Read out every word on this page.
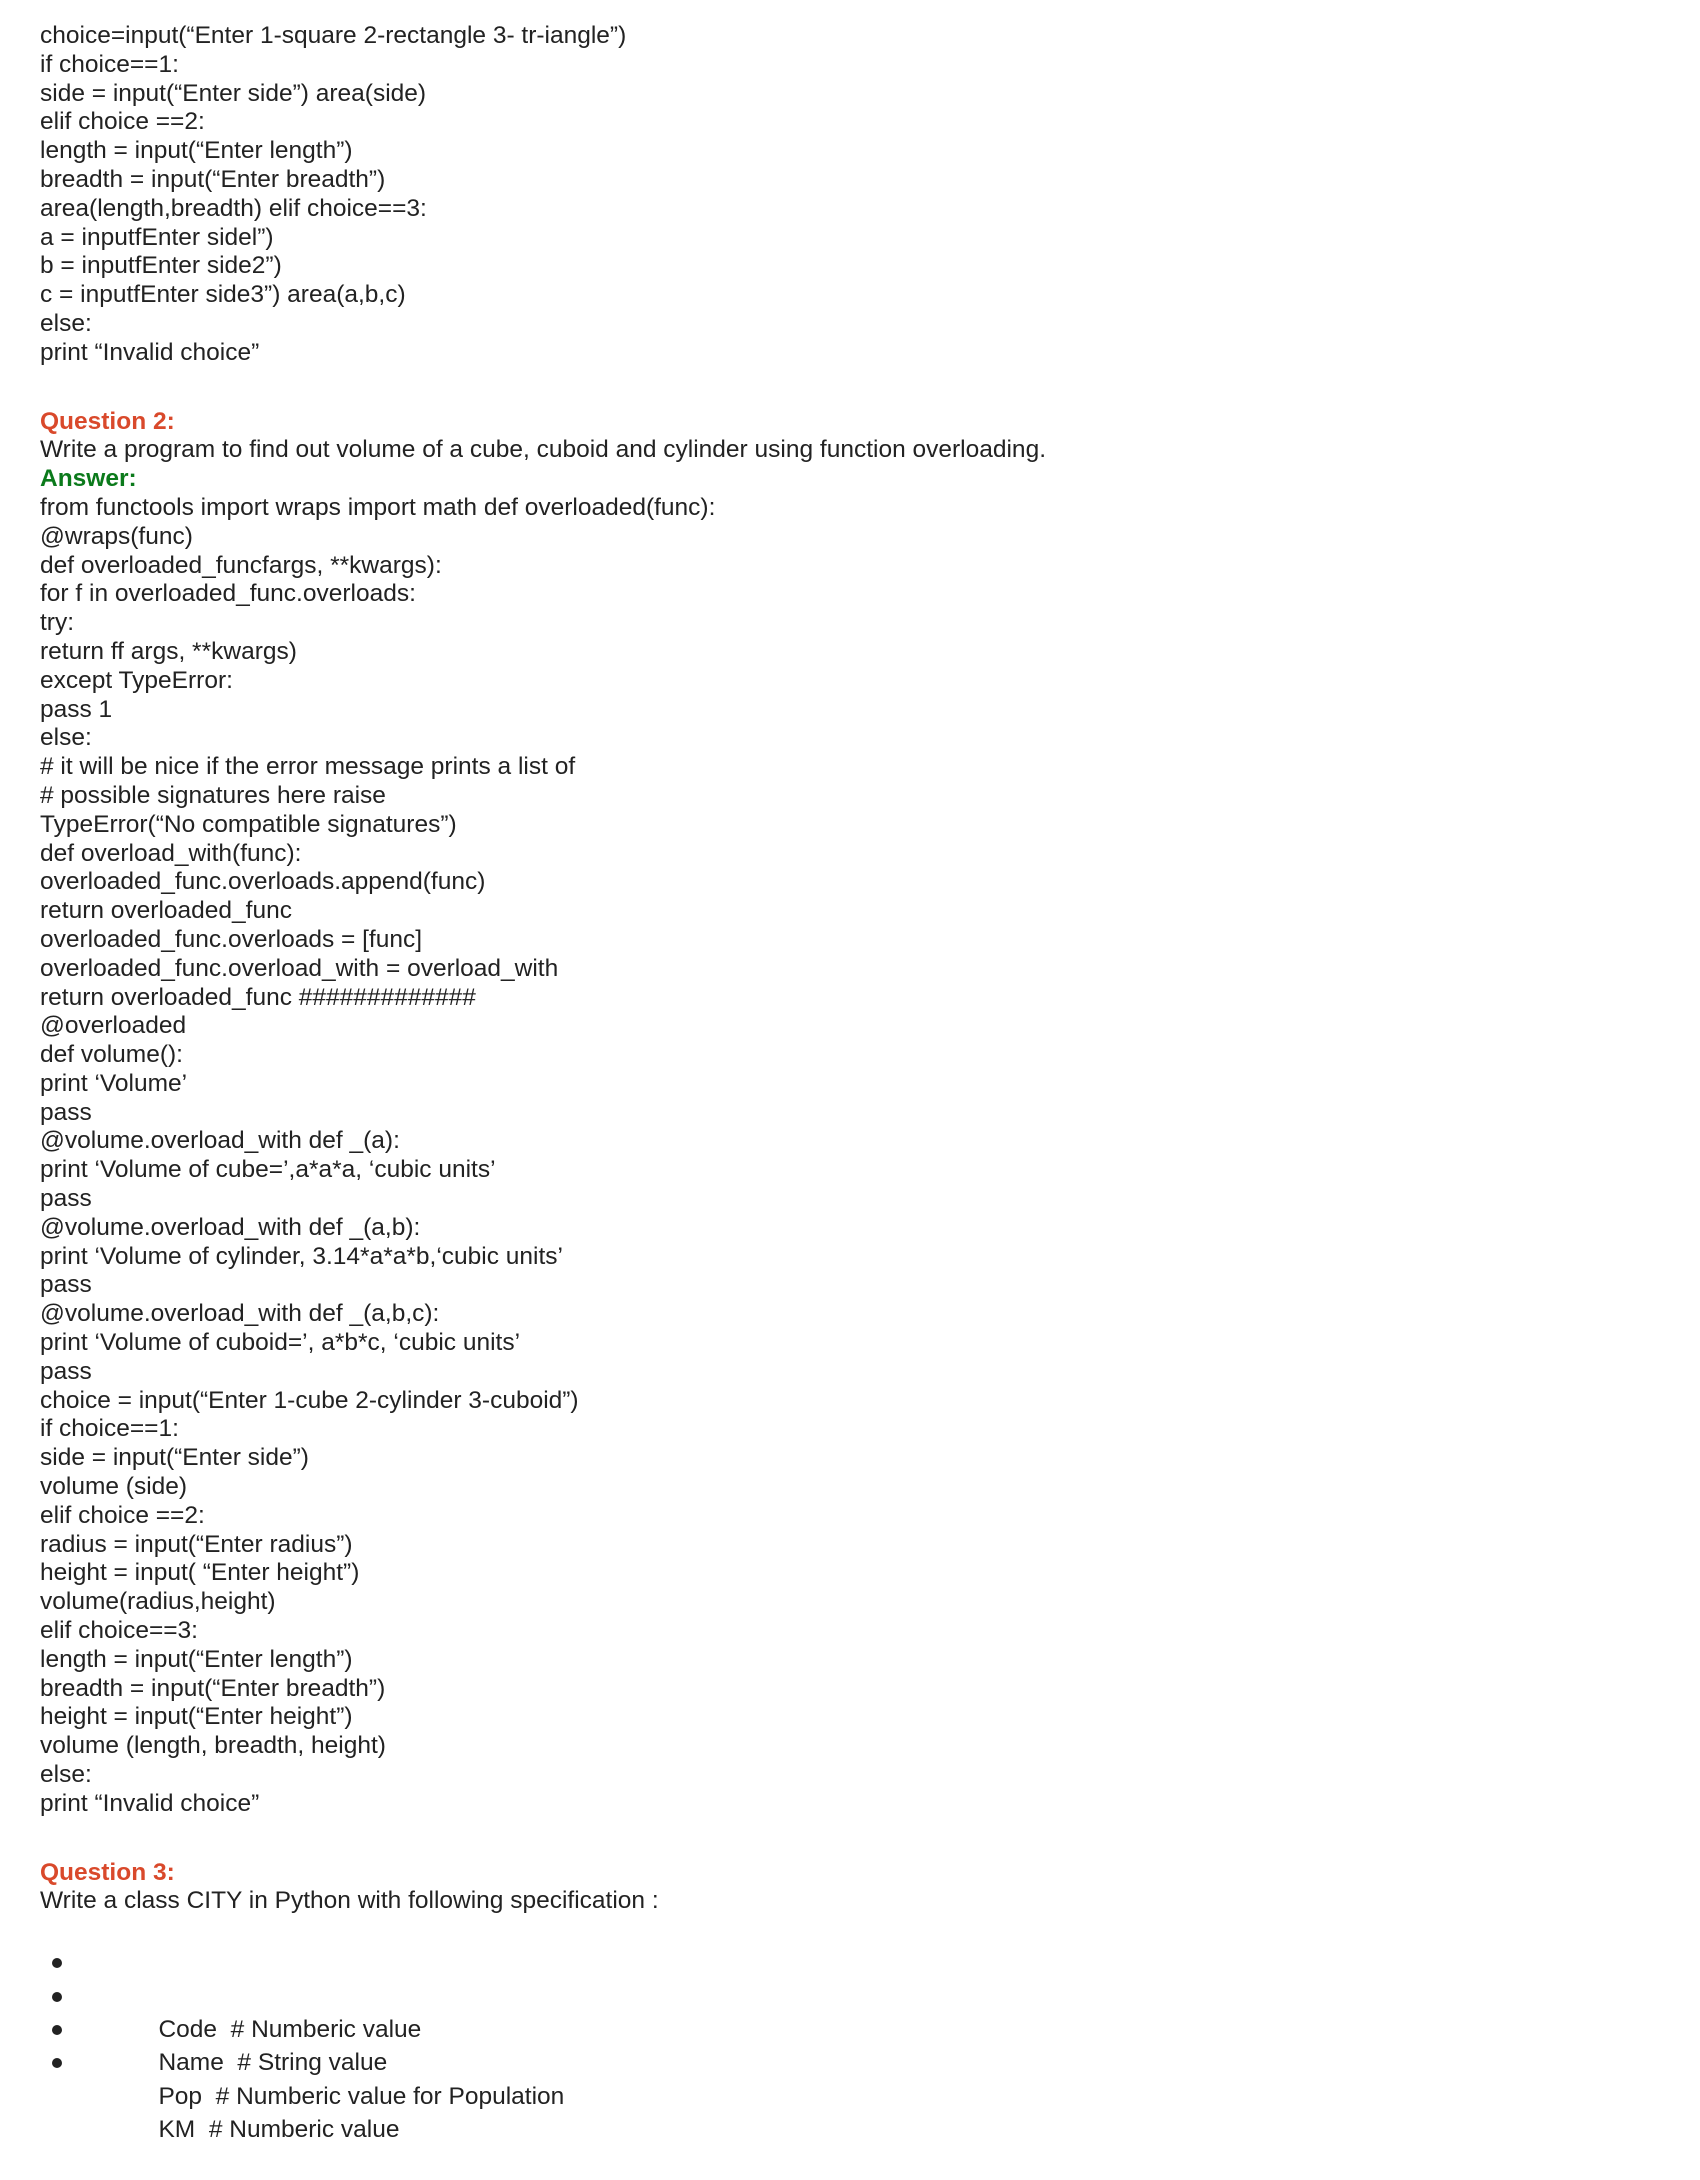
choice=input(“Enter 1-square 2-rectangle 3- tr-iangle”)
if choice==1:
side = input(“Enter side”) area(side)
elif choice ==2:
length = input(“Enter length”)
breadth = input(“Enter breadth”)
area(length,breadth) elif choice==3:
a = inputfEnter sidel”)
b = inputfEnter side2”)
c = inputfEnter side3”) area(a,b,c)
else:
print “Invalid choice”
Question 2:
Write a program to find out volume of a cube, cuboid and cylinder using function overloading.
Answer:
from functools import wraps import math def overloaded(func):
@wraps(func)
def overloaded_funcfargs, **kwargs):
for f in overloaded_func.overloads:
try:
return ff args, **kwargs)
except TypeError:
pass 1
else:
# it will be nice if the error message prints a list of
# possible signatures here raise
TypeError(“No compatible signatures”)
def overload_with(func):
overloaded_func.overloads.append(func)
return overloaded_func
overloaded_func.overloads = [func]
overloaded_func.overload_with = overload_with
return overloaded_func #############
@overloaded
def volume():
print ‘Volume’
pass
@volume.overload_with def _(a):
print ‘Volume of cube=’,a*a*a, ‘cubic units’
pass
@volume.overload_with def _(a,b):
print ‘Volume of cylinder, 3.14*a*a*b,‘cubic units’
pass
@volume.overload_with def _(a,b,c):
print ‘Volume of cuboid=’, a*b*c, ‘cubic units’
pass
choice = input(“Enter 1-cube 2-cylinder 3-cuboid”)
if choice==1:
side = input(“Enter side”)
volume (side)
elif choice ==2:
radius = input(“Enter radius”)
height = input( “Enter height”)
volume(radius,height)
elif choice==3:
length = input(“Enter length”)
breadth = input(“Enter breadth”)
height = input(“Enter height”)
volume (length, breadth, height)
else:
print “Invalid choice”
Question 3:
Write a class CITY in Python with following specification :

Code  # Numberic value

Name  # String value

Pop  # Numberic value for Population

KM  # Numberic value
